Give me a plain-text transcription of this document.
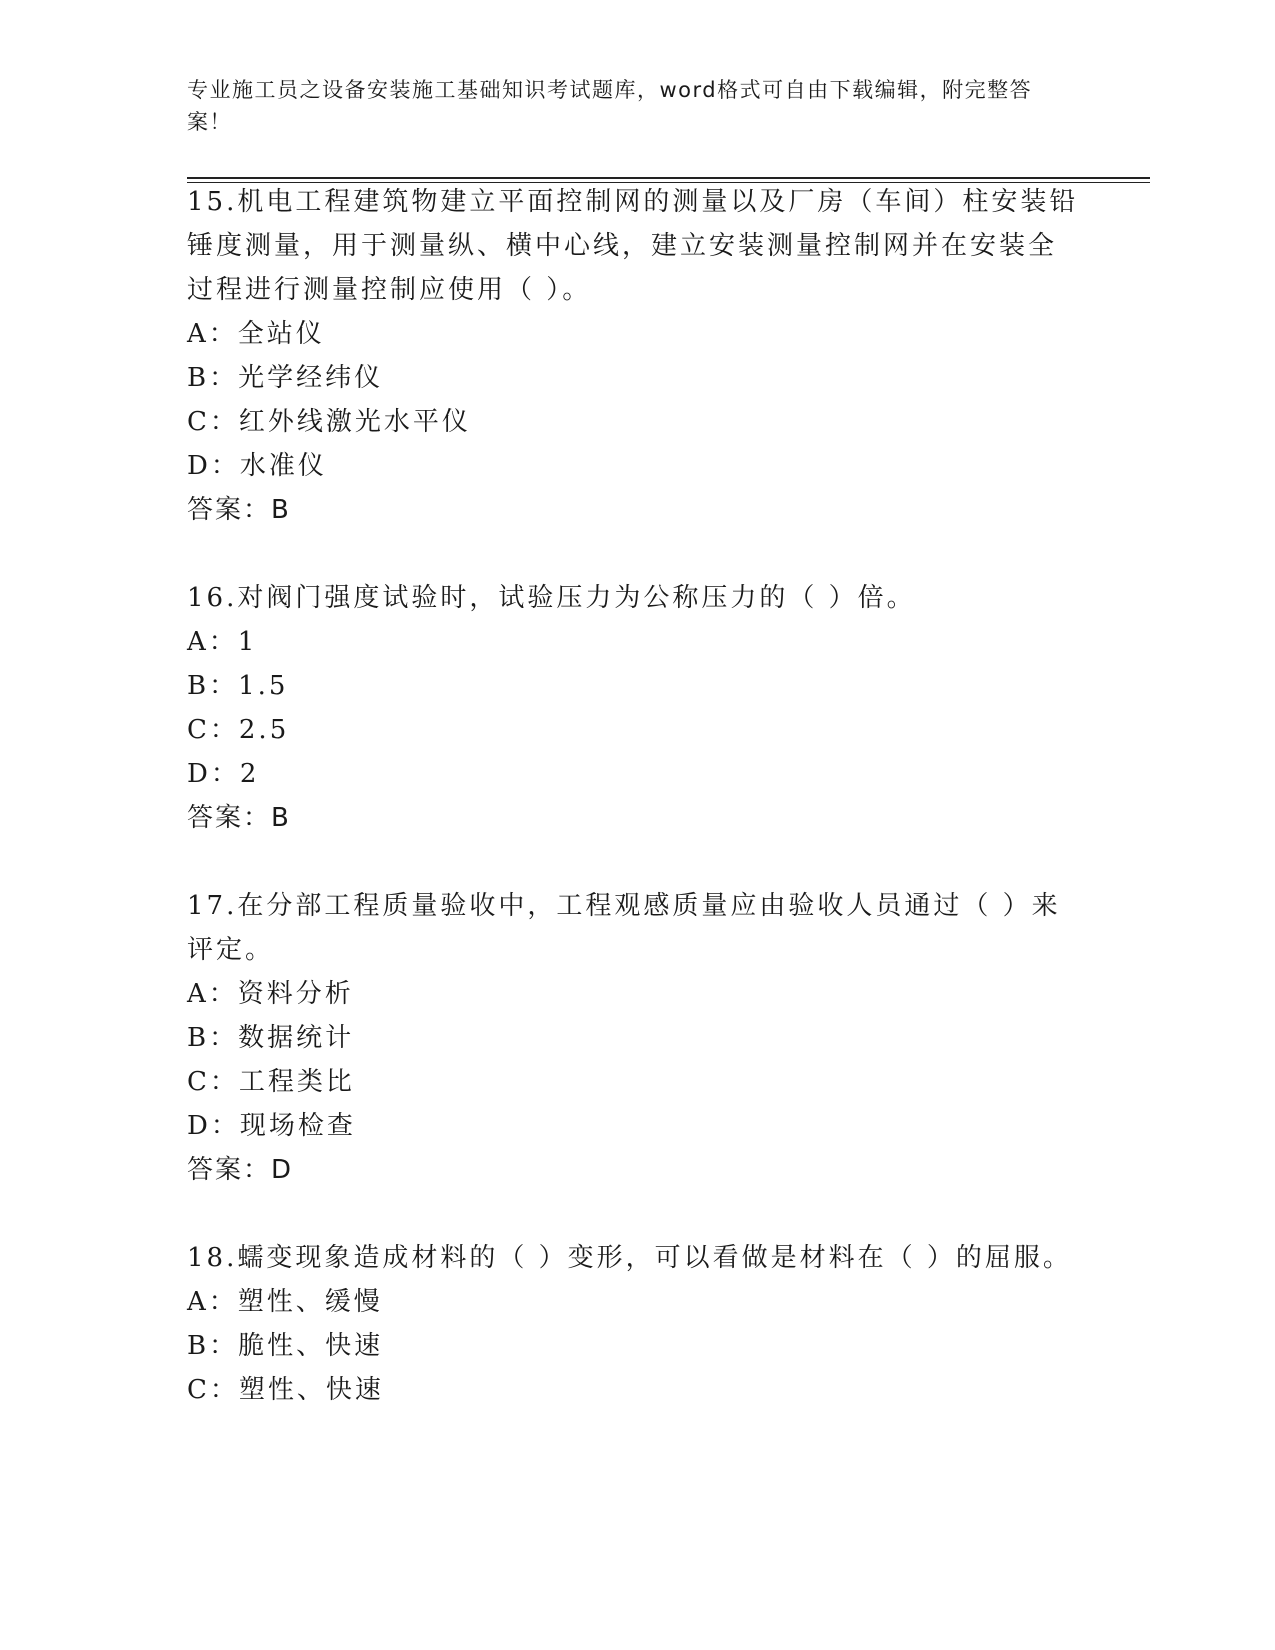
专业施工员之设备安装施工基础知识考试题库，word格式可自由下载编辑，附完整答案！
15.机电工程建筑物建立平面控制网的测量以及厂房（车间）柱安装铅
锤度测量，用于测量纵、横中心线，建立安装测量控制网并在安装全
过程进行测量控制应使用（ ）。
A：全站仪
B：光学经纬仪
C：红外线激光水平仪
D：水准仪
答案：B
16.对阀门强度试验时，试验压力为公称压力的（ ）倍。
A：1
B：1.5
C：2.5
D：2
答案：B
17.在分部工程质量验收中，工程观感质量应由验收人员通过（ ）来
评定。
A：资料分析
B：数据统计
C：工程类比
D：现场检查
答案：D
18.蠕变现象造成材料的（ ）变形，可以看做是材料在（ ）的屈服。
A：塑性、缓慢
B：脆性、快速
C：塑性、快速
